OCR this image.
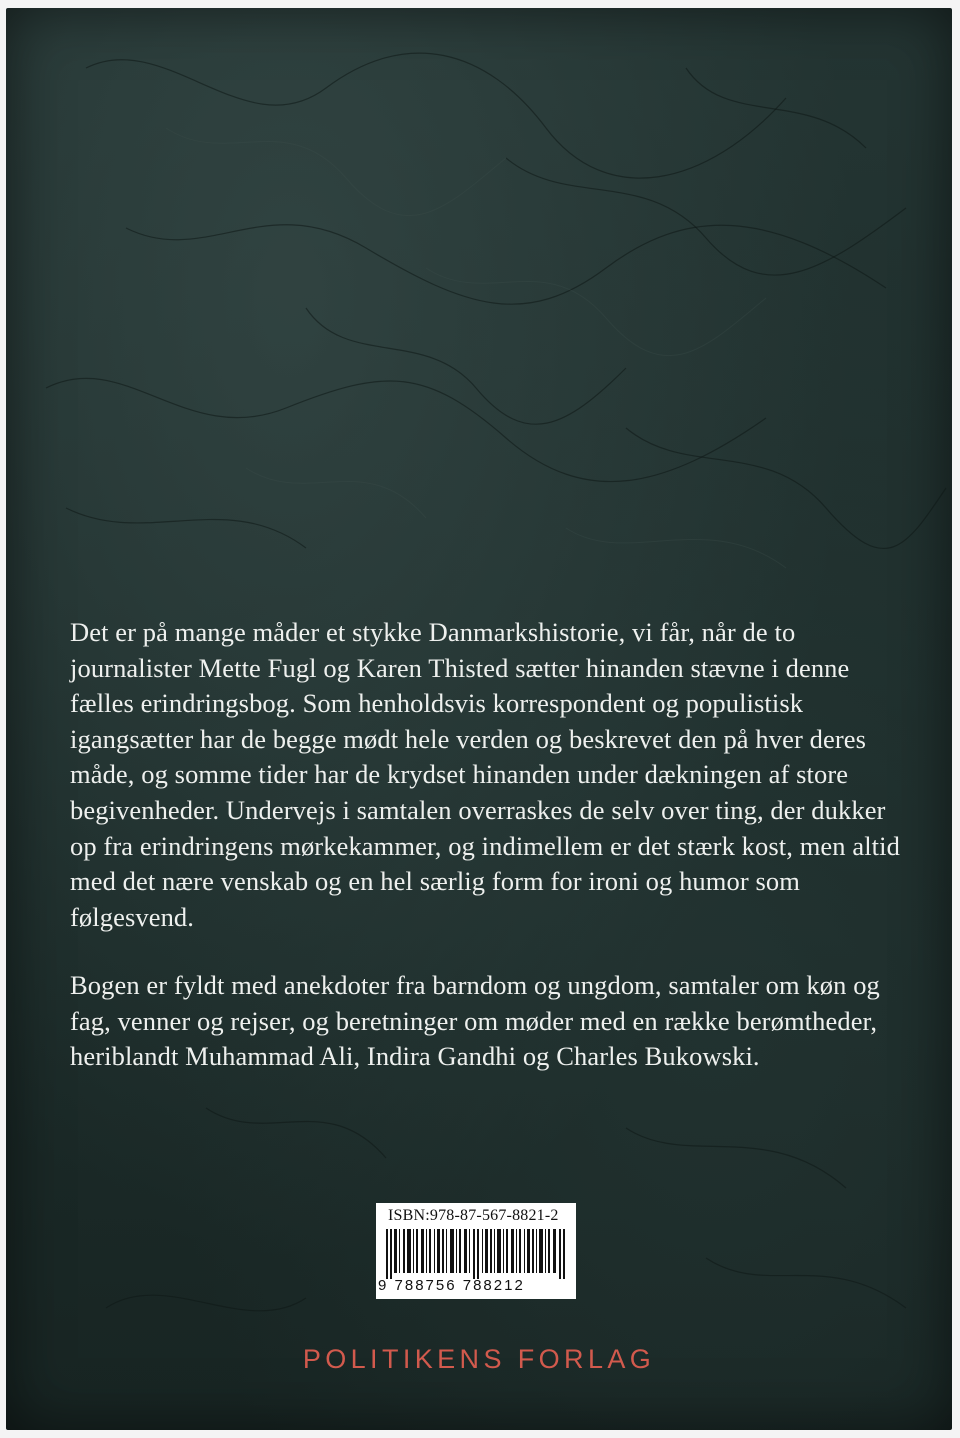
Det er på mange måder et stykke Danmarkshistorie, vi får, når de to journalister Mette Fugl og Karen Thisted sætter hinanden stævne i denne fælles erindringsbog. Som henholdsvis korrespondent og populistisk igangsætter har de begge mødt hele verden og beskrevet den på hver deres måde, og somme tider har de krydset hinanden under dækningen af store begivenheder. Undervejs i samtalen overraskes de selv over ting, der dukker op fra erindringens mørkekammer, og indimellem er det stærk kost, men altid med det nære venskab og en hel særlig form for ironi og humor som følgesvend.

Bogen er fyldt med anekdoter fra barndom og ungdom, samtaler om køn og fag, venner og rejser, og beretninger om møder med en række berømtheder, heriblandt Muhammad Ali, Indira Gandhi og Charles Bukowski.

ISBN:978-87-567-8821-2
9 788756 788212
POLITIKENS FORLAG
